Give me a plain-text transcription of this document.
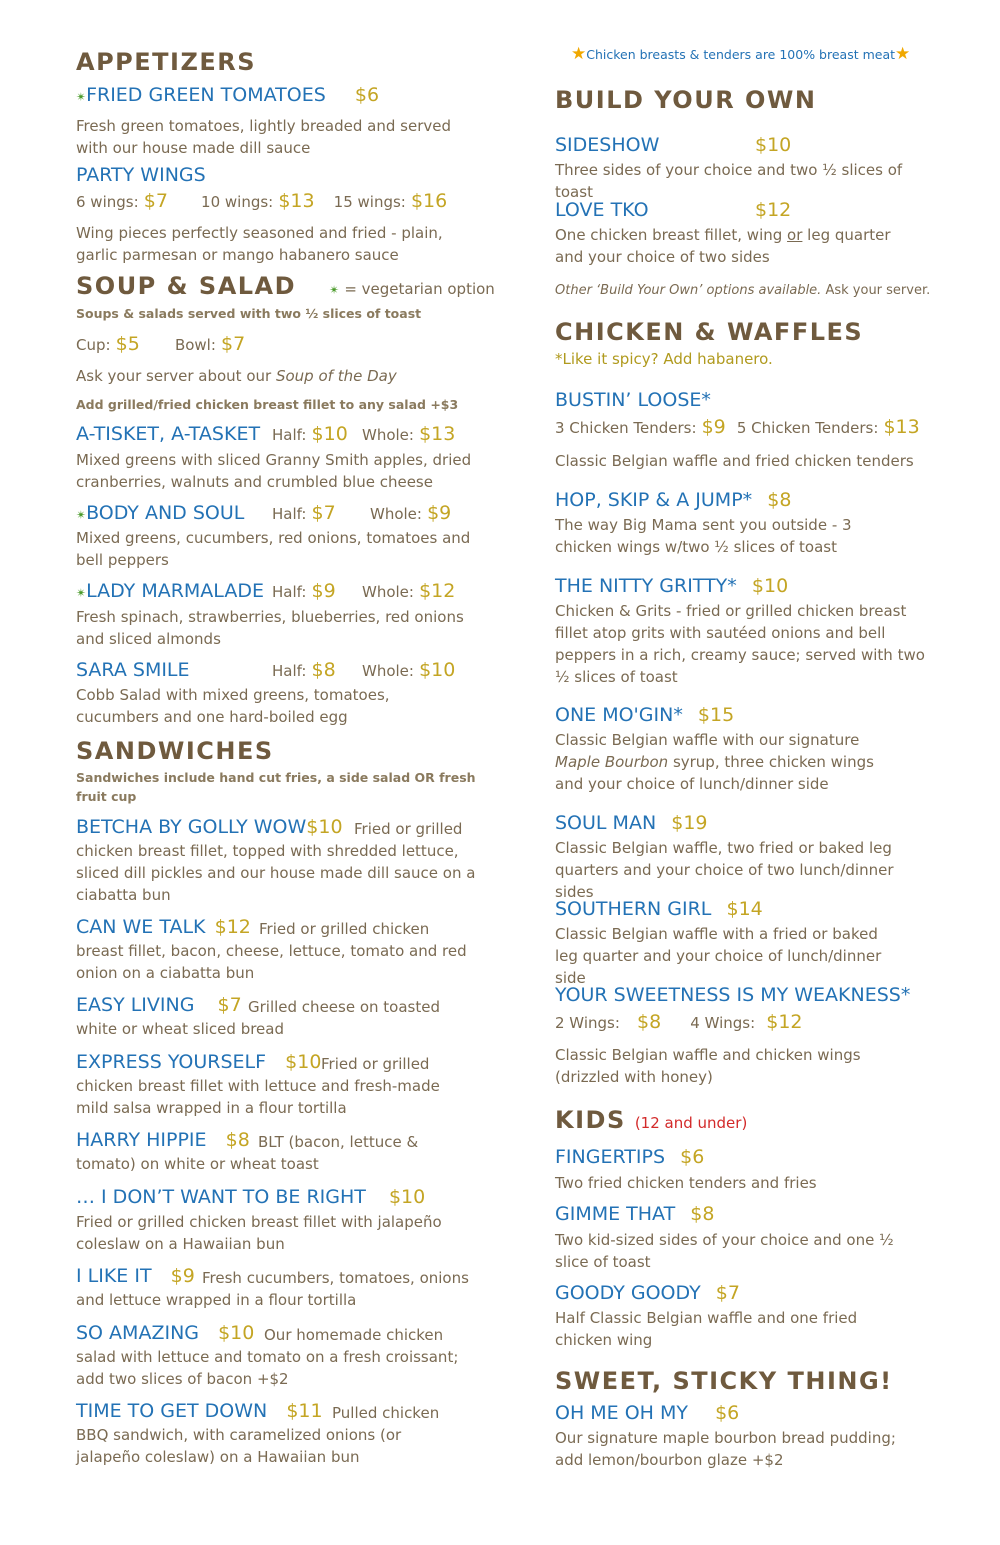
APPETIZERS
✴FRIED GREEN TOMATOES $6
Fresh green tomatoes, lightly breaded and served with our house made dill sauce
PARTY WINGS
6 wings: $7 10 wings: $13 15 wings: $16
Wing pieces perfectly seasoned and fried - plain, garlic parmesan or mango habanero sauce
SOUP & SALAD	✴ = vegetarian option
Soups & salads served with two ½ slices of toast
Cup: $5 Bowl: $7
Ask your server about our Soup of the Day
Add grilled/fried chicken breast fillet to any salad +$3
A-TISKET, A-TASKET Half: $10 Whole: $13
Mixed greens with sliced Granny Smith apples, dried cranberries, walnuts and crumbled blue cheese
✴BODY AND SOUL Half: $7 Whole: $9
Mixed greens, cucumbers, red onions, tomatoes and bell peppers
✴LADY MARMALADE Half: $9 Whole: $12
Fresh spinach, strawberries, blueberries, red onions and sliced almonds
SARA SMILE	Half: $8 Whole: $10
Cobb Salad with mixed greens, tomatoes, cucumbers and one hard-boiled egg
SANDWICHES
Sandwiches include hand cut fries, a side salad OR fresh fruit cup
BETCHA BY GOLLY WOW$10 Fried or grilled chicken breast fillet, topped with shredded lettuce, sliced dill pickles and our house made dill sauce on a ciabatta bun
CAN WE TALK $12 Fried or grilled chicken breast fillet, bacon, cheese, lettuce, tomato and red onion on a ciabatta bun
EASY LIVING $7 Grilled cheese on toasted white or wheat sliced bread
EXPRESS YOURSELF $10 Fried or grilled chicken breast fillet with lettuce and fresh-made mild salsa wrapped in a flour tortilla
HARRY HIPPIE $8 BLT (bacon, lettuce & tomato) on white or wheat toast
… I DON’T WANT TO BE RIGHT $10
Fried or grilled chicken breast fillet with jalapeño coleslaw on a Hawaiian bun
I LIKE IT $9 Fresh cucumbers, tomatoes, onions and lettuce wrapped in a flour tortilla
SO AMAZING $10 Our homemade chicken salad with lettuce and tomato on a fresh croissant; add two slices of bacon +$2
TIME TO GET DOWN $11 Pulled chicken BBQ sandwich, with caramelized onions (or jalapeño coleslaw) on a Hawaiian bun
★Chicken breasts & tenders are 100% breast meat★
BUILD YOUR OWN
SIDESHOW	$10
Three sides of your choice and two ½ slices of toast
LOVE TKO	$12
One chicken breast fillet, wing or leg quarter and your choice of two sides
Other ‘Build Your Own’ options available. Ask your server.
CHICKEN & WAFFLES
*Like it spicy? Add habanero.
BUSTIN’ LOOSE*
3 Chicken Tenders: $9 5 Chicken Tenders: $13
Classic Belgian waffle and fried chicken tenders
HOP, SKIP & A JUMP* $8
The way Big Mama sent you outside - 3 chicken wings w/two ½ slices of toast
THE NITTY GRITTY* $10
Chicken & Grits - fried or grilled chicken breast fillet atop grits with sautéed onions and bell peppers in a rich, creamy sauce; served with two ½ slices of toast
ONE MO'GIN* $15
Classic Belgian waffle with our signature Maple Bourbon syrup, three chicken wings and your choice of lunch/dinner side
SOUL MAN $19
Classic Belgian waffle, two fried or baked leg quarters and your choice of two lunch/dinner sides
SOUTHERN GIRL $14
Classic Belgian waffle with a fried or baked leg quarter and your choice of lunch/dinner side
YOUR SWEETNESS IS MY WEAKNESS*
2 Wings: $8 4 Wings: $12
Classic Belgian waffle and chicken wings (drizzled with honey)
KIDS (12 and under)
FINGERTIPS $6
Two fried chicken tenders and fries
GIMME THAT $8
Two kid-sized sides of your choice and one ½ slice of toast
GOODY GOODY $7
Half Classic Belgian waffle and one fried chicken wing
SWEET, STICKY THING!
OH ME OH MY $6
Our signature maple bourbon bread pudding; add lemon/bourbon glaze +$2
